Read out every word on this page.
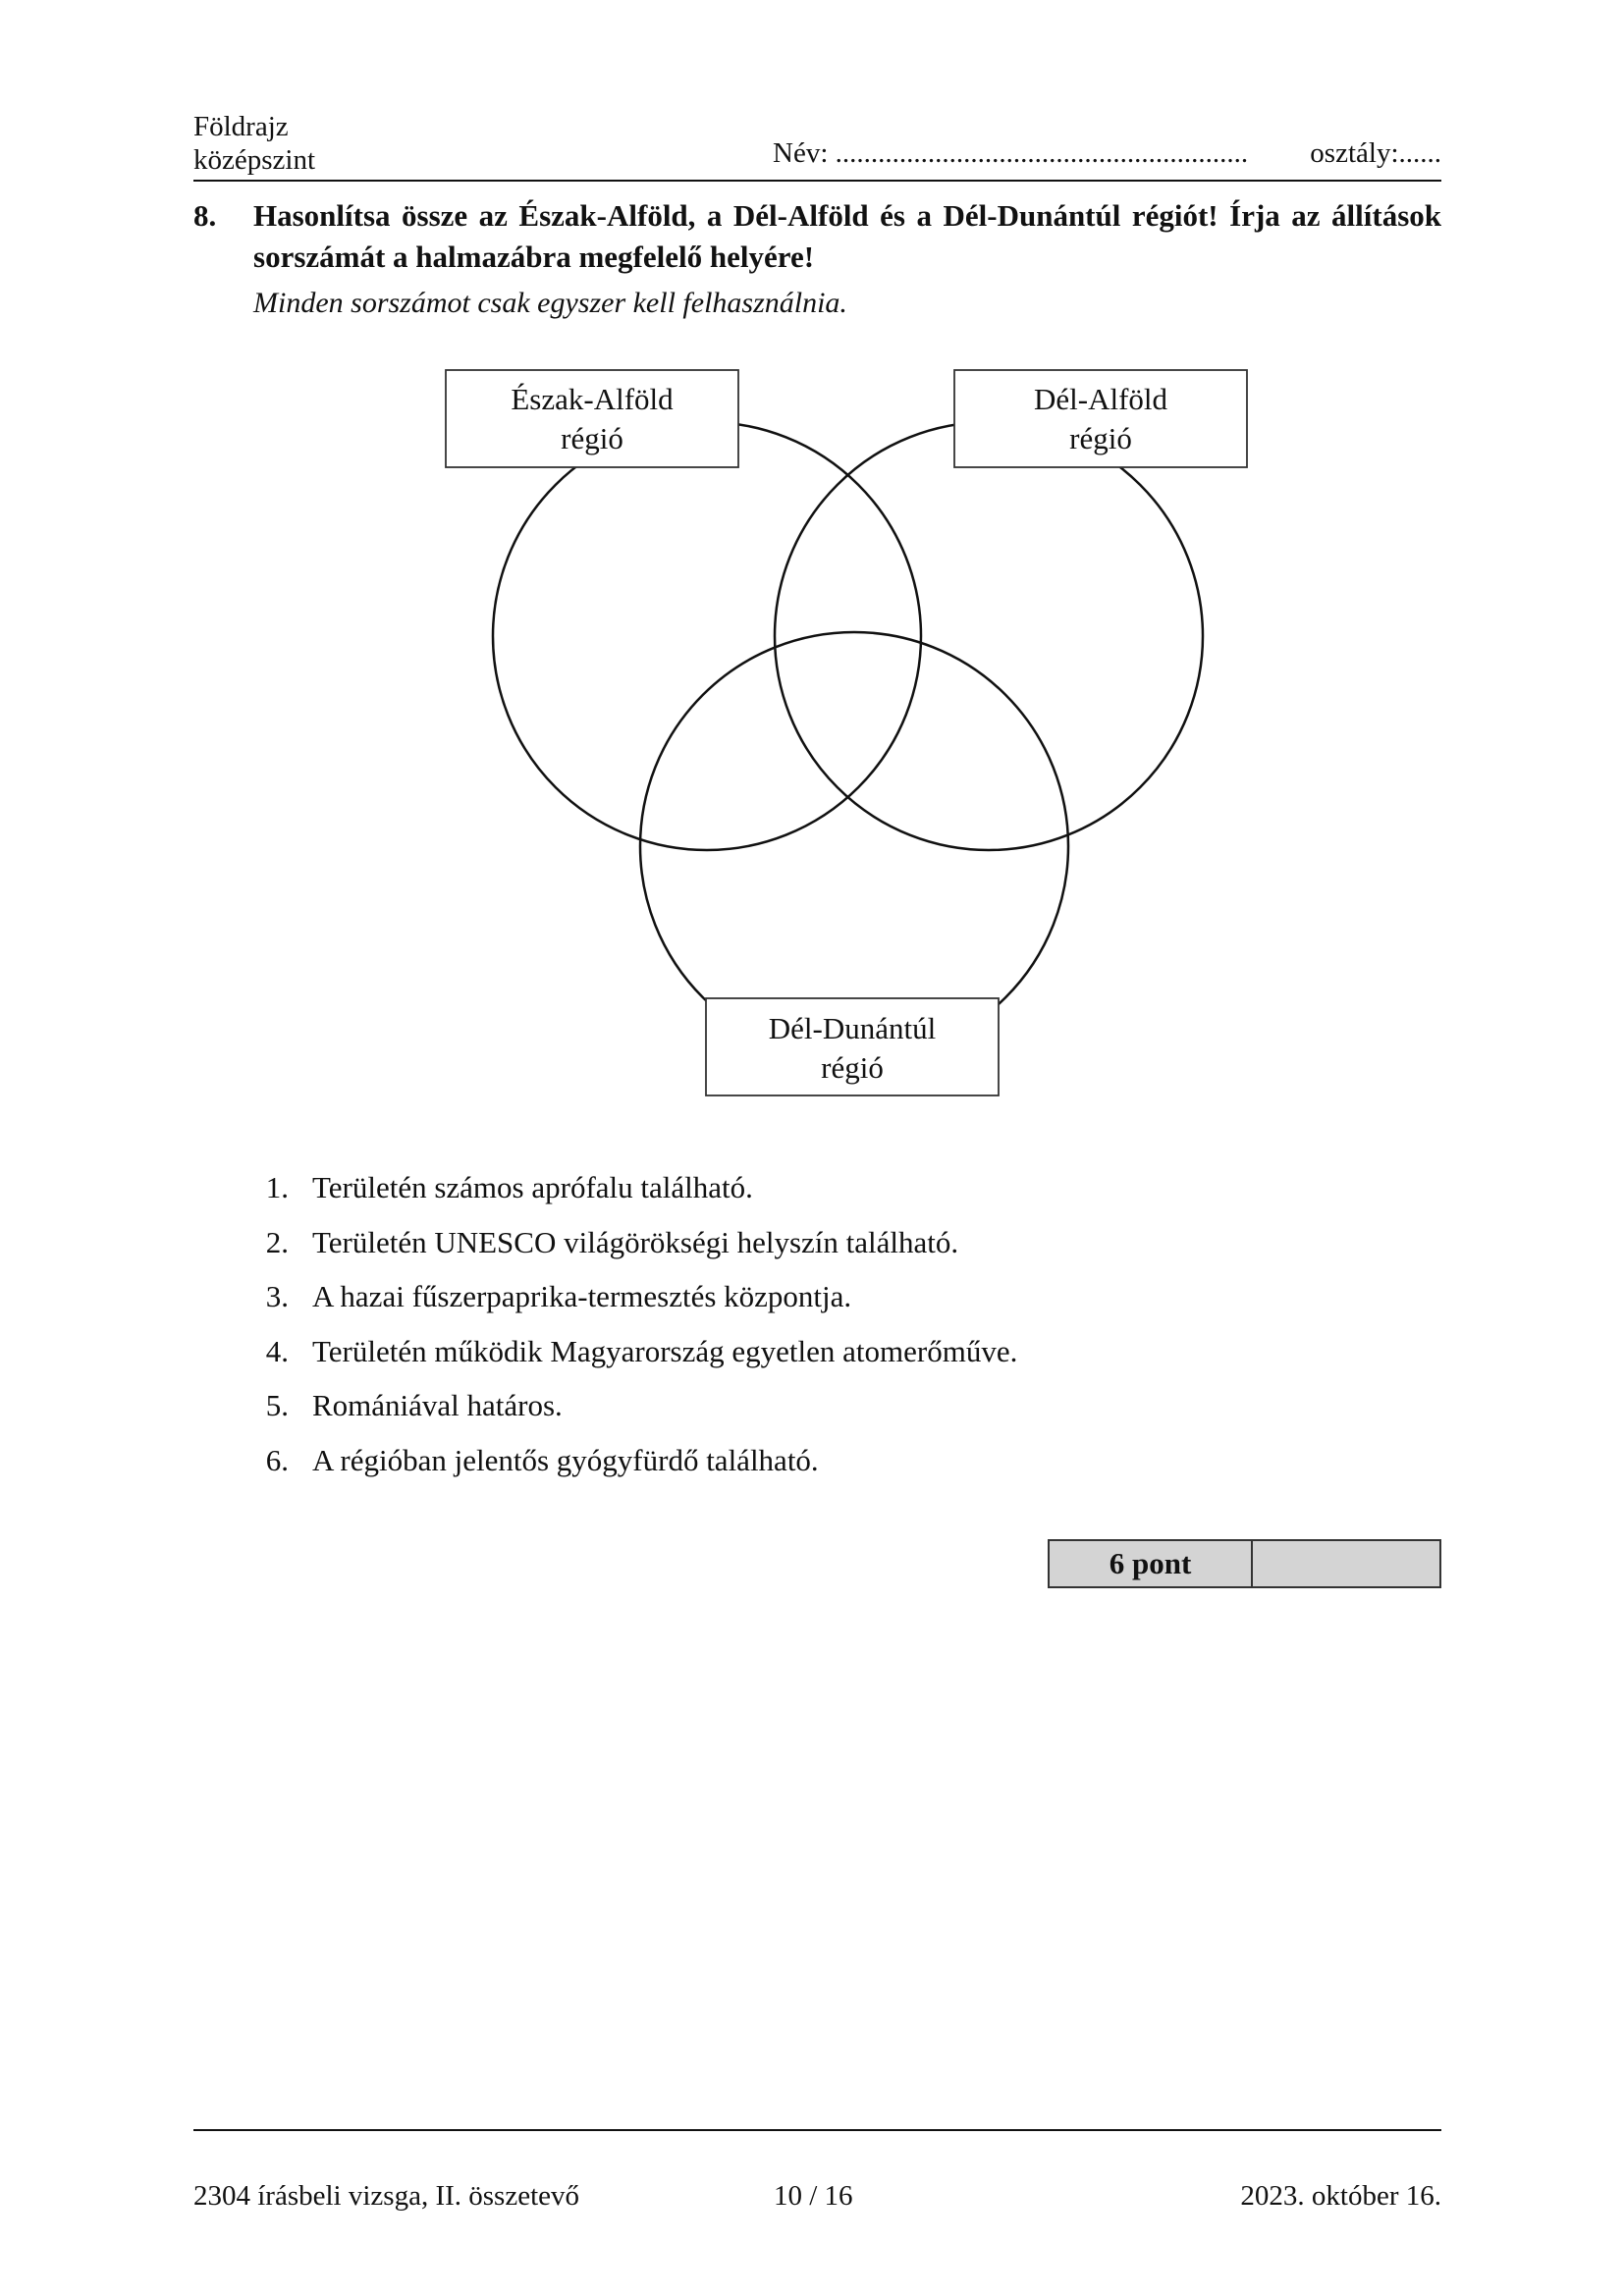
Földrajz
középszint	Név: .......................................................... osztály:......
8. Hasonlítsa össze az Észak-Alföld, a Dél-Alföld és a Dél-Dunántúl régiót! Írja az állítások sorszámát a halmazábra megfelelő helyére!
Minden sorszámot csak egyszer kell felhasználnia.
Észak-Alföld
régió
Dél-Alföld
régió
Dél-Dunántúl
régió
1. Területén számos aprófalu található.
2. Területén UNESCO világörökségi helyszín található.
3. A hazai fűszerpaprika-termesztés központja.
4. Területén működik Magyarország egyetlen atomerőműve.
5. Romániával határos.
6. A régióban jelentős gyógyfürdő található.
6 pont
2304 írásbeli vizsga, II. összetevő	10 / 16	2023. október 16.
